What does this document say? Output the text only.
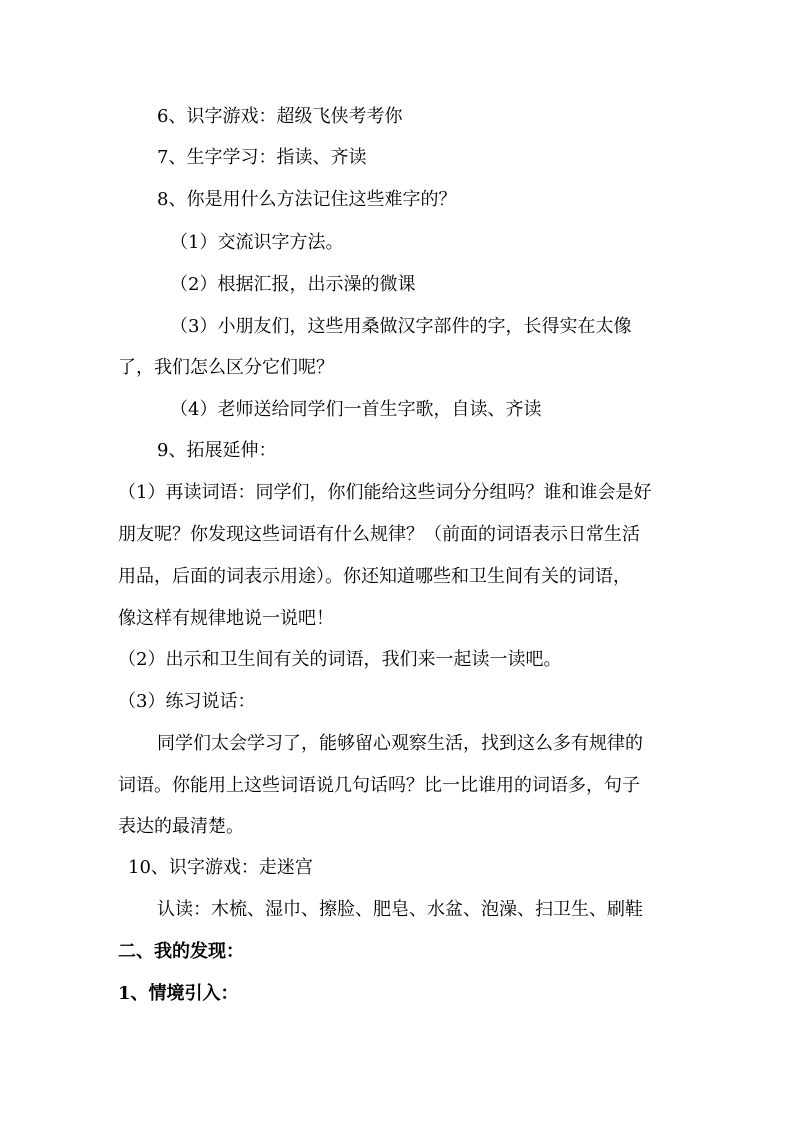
6、识字游戏：超级飞侠考考你
7、生字学习：指读、齐读
8、你是用什么方法记住这些难字的？
（1）交流识字方法。
（2）根据汇报，出示澡的微课
（3）小朋友们，这些用桑做汉字部件的字，长得实在太像
了，我们怎么区分它们呢？
（4）老师送给同学们一首生字歌，自读、齐读
9、拓展延伸：
（1）再读词语：同学们，你们能给这些词分分组吗？谁和谁会是好
朋友呢？你发现这些词语有什么规律？（前面的词语表示日常生活
用品，后面的词表示用途）。你还知道哪些和卫生间有关的词语，
像这样有规律地说一说吧！
（2）出示和卫生间有关的词语，我们来一起读一读吧。
（3）练习说话：
同学们太会学习了，能够留心观察生活，找到这么多有规律的
词语。你能用上这些词语说几句话吗？比一比谁用的词语多，句子
表达的最清楚。
10、识字游戏：走迷宫
认读：木梳、湿巾、擦脸、肥皂、水盆、泡澡、扫卫生、刷鞋
二、我的发现：
1、情境引入：
